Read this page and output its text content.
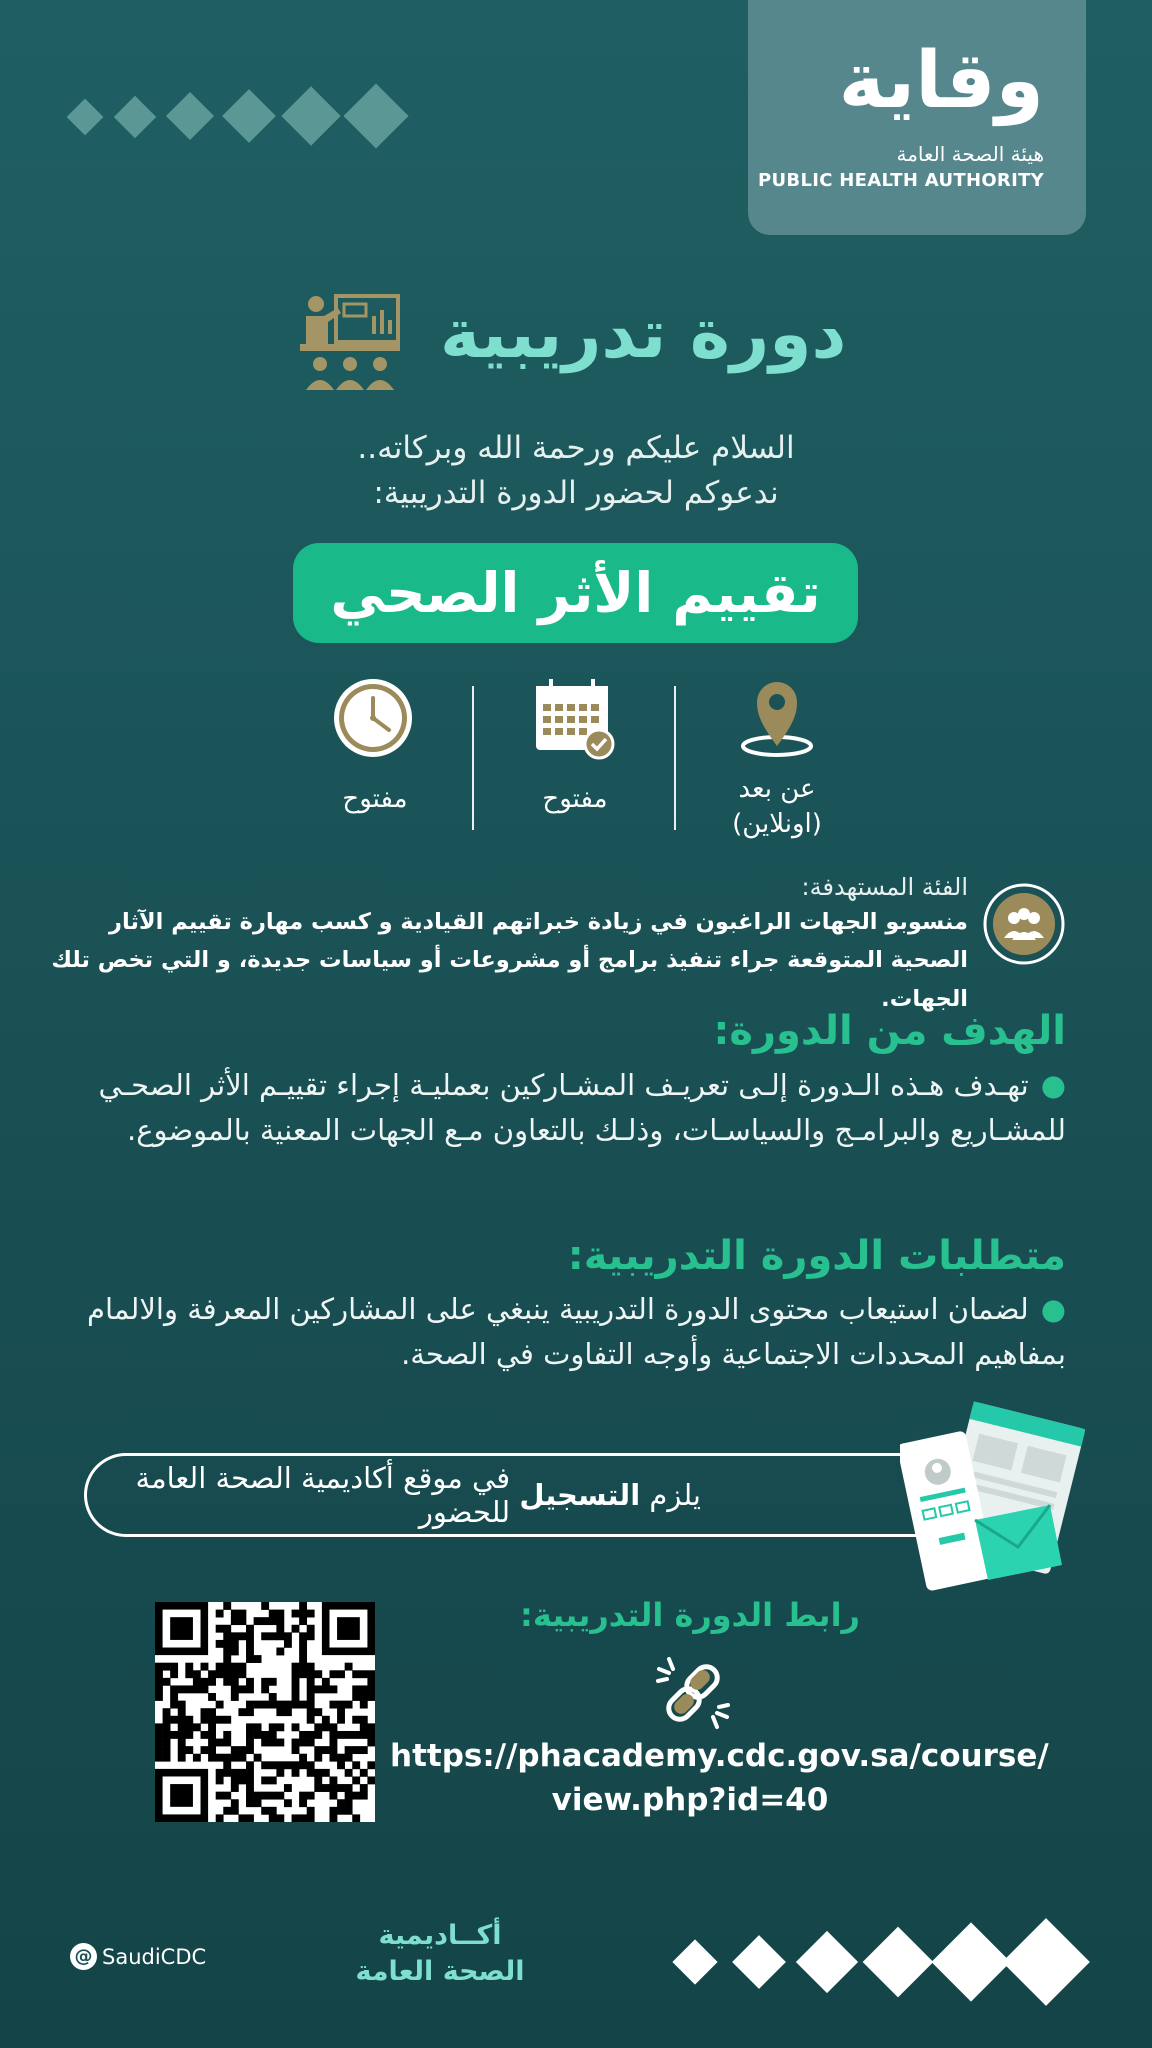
وقاية
هيئة الصحة العامة
PUBLIC HEALTH AUTHORITY
دورة تدريبية
السلام عليكم ورحمة الله وبركاته..
ندعوكم لحضور الدورة التدريبية:
تقييم الأثر الصحي
مفتوح	مفتوح	عن بعد
(اونلاين)
الفئة المستهدفة:
منسوبو الجهات الراغبون في زيادة خبراتهم القيادية و كسب مهارة تقييم الآثار الصحية المتوقعة جراء تنفيذ برامج أو مشروعات أو سياسات جديدة، و التي تخص تلك الجهات.
الهدف من الدورة:
●تهـدف هـذه الـدورة إلـى تعريـف المشـاركين بعمليـة إجراء تقييـم الأثر الصحـي للمشـاريع والبرامـج والسياسـات، وذلـك بالتعاون مـع الجهات المعنية بالموضوع.
متطلبات الدورة التدريبية:
●لضمان استيعاب محتوى الدورة التدريبية ينبغي على المشاركين المعرفة والالمام بمفاهيم المحددات الاجتماعية وأوجه التفاوت في الصحة.
يلزم

التسجيل

في موقع أكاديمية الصحة العامة للحضور
رابط الدورة التدريبية:
https://phacademy.cdc.gov.sa/course/
view.php?id=40
@ SaudiCDC
أكــاديمية
الصحة العامة
